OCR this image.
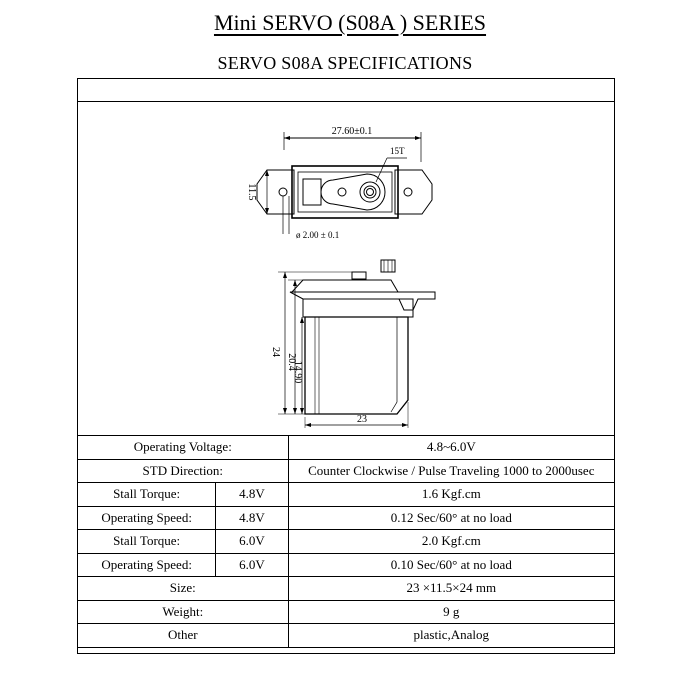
Mini SERVO (S08A ) SERIES
SERVO S08A SPECIFICATIONS
27.60±0.1
11.5
15T
ø 2.00 ± 0.1
24
20.4
14.90
23
Operating Voltage:		4.8~6.0V
STD Direction:		Counter Clockwise / Pulse Traveling 1000 to 2000usec
Stall Torque:	4.8V	1.6 Kgf.cm
Operating Speed:	4.8V	0.12 Sec/60° at no load
Stall Torque:	6.0V	2.0 Kgf.cm
Operating Speed:	6.0V	0.10 Sec/60° at no load
Size:		23 ×11.5×24 mm
Weight:		9 g
Other		plastic,Analog
